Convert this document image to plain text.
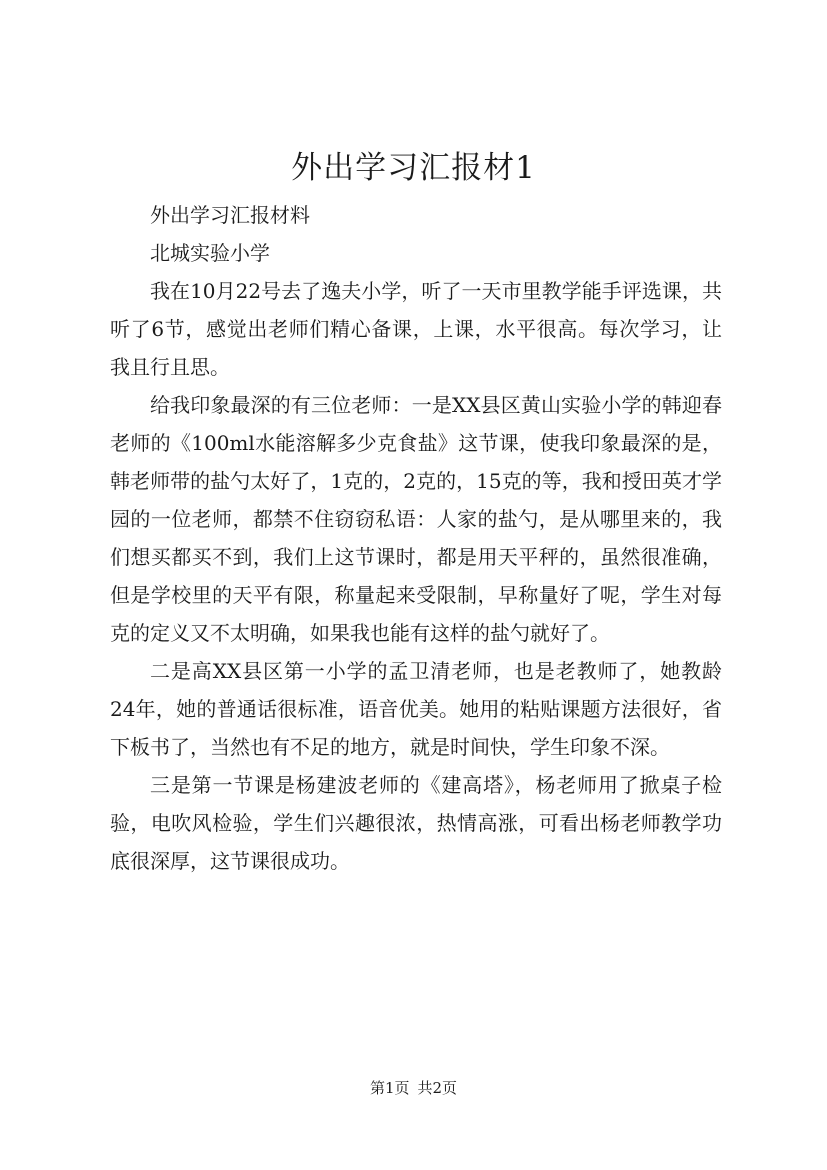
外出学习汇报材1

外出学习汇报材料

北城实验小学

我在10月22号去了逸夫小学，听了一天市里教学能手评选课，共听了6节，感觉出老师们精心备课，上课，水平很高。每次学习，让我且行且思。

给我印象最深的有三位老师：一是XX县区黄山实验小学的韩迎春老师的《100ml水能溶解多少克食盐》这节课，使我印象最深的是，韩老师带的盐勺太好了，1克的，2克的，15克的等，我和授田英才学园的一位老师，都禁不住窃窃私语：人家的盐勺，是从哪里来的，我们想买都买不到，我们上这节课时，都是用天平秤的，虽然很准确，但是学校里的天平有限，称量起来受限制，早称量好了呢，学生对每克的定义又不太明确，如果我也能有这样的盐勺就好了。

二是高XX县区第一小学的孟卫清老师，也是老教师了，她教龄24年，她的普通话很标准，语音优美。她用的粘贴课题方法很好，省下板书了，当然也有不足的地方，就是时间快，学生印象不深。

三是第一节课是杨建波老师的《建高塔》，杨老师用了掀桌子检验，电吹风检验，学生们兴趣很浓，热情高涨，可看出杨老师教学功底很深厚，这节课很成功。

第1页 共2页
